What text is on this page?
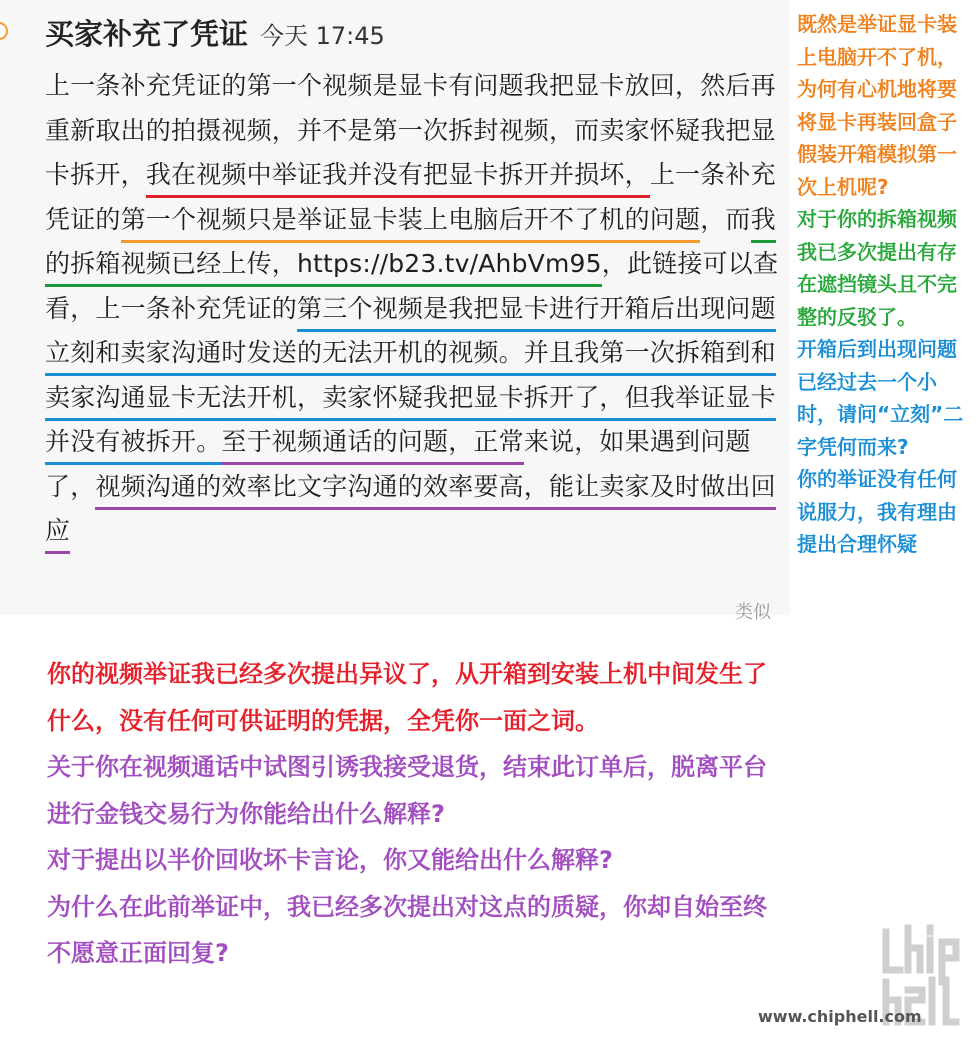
买家补充了凭证 今天 17:45
上一条补充凭证的第一个视频是显卡有问题我把显卡放回，然后再重新取出的拍摄视频，并不是第一次拆封视频，而卖家怀疑我把显卡拆开，我在视频中举证我并没有把显卡拆开并损坏，上一条补充凭证的第一个视频只是举证显卡装上电脑后开不了机的问题，而我的拆箱视频已经上传，https://b23.tv/AhbVm95，此链接可以查看，上一条补充凭证的第三个视频是我把显卡进行开箱后出现问题立刻和卖家沟通时发送的无法开机的视频。并且我第一次拆箱到和卖家沟通显卡无法开机，卖家怀疑我把显卡拆开了，但我举证显卡并没有被拆开。至于视频通话的问题，正常来说，如果遇到问题了，视频沟通的效率比文字沟通的效率要高，能让卖家及时做出回应
类似

既然是举证显卡装上电脑开不了机，为何有心机地将要将显卡再装回盒子假装开箱模拟第一次上机呢?

对于你的拆箱视频我已多次提出有存在遮挡镜头且不完整的反驳了。

开箱后到出现问题已经过去一个小时，请问“立刻”二字凭何而来?

你的举证没有任何说服力，我有理由提出合理怀疑

你的视频举证我已经多次提出异议了，从开箱到安装上机中间发生了什么，没有任何可供证明的凭据，全凭你一面之词。

关于你在视频通话中试图引诱我接受退货，结束此订单后，脱离平台进行金钱交易行为你能给出什么解释?

对于提出以半价回收坏卡言论，你又能给出什么解释?

为什么在此前举证中，我已经多次提出对这点的质疑，你却自始至终不愿意正面回复?

www.chiphell.com
